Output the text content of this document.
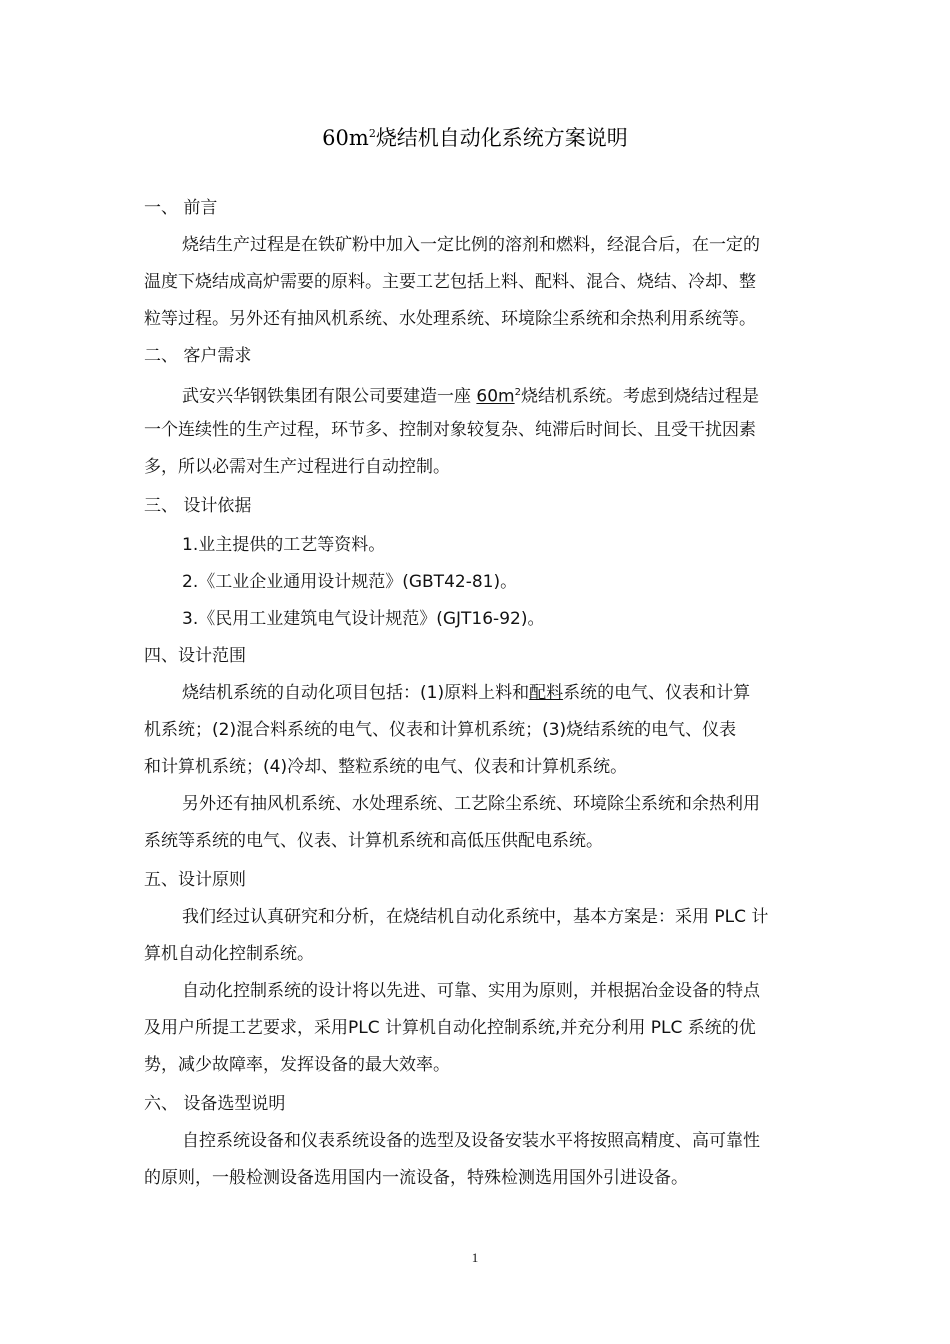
$60m^2$烧结机自动化系统方案说明
一、 前言
烧结生产过程是在铁矿粉中加入一定比例的溶剂和燃料，经混合后，在一定的
温度下烧结成高炉需要的原料。主要工艺包括上料、配料、混合、烧结、冷却、整
粒等过程。另外还有抽风机系统、水处理系统、环境除尘系统和余热利用系统等。
二、 客户需求
武安兴华钢铁集团有限公司要建造一座 $60m^2$烧结机系统。考虑到烧结过程是
一个连续性的生产过程，环节多、控制对象较复杂、纯滞后时间长、且受干扰因素
多，所以必需对生产过程进行自动控制。
三、 设计依据
1.业主提供的工艺等资料。
2.《工业企业通用设计规范》(GBT42-81)。
3.《民用工业建筑电气设计规范》(GJT16-92)。
四、设计范围
烧结机系统的自动化项目包括：(1)原料上料和配料系统的电气、仪表和计算
机系统；(2)混合料系统的电气、仪表和计算机系统；(3)烧结系统的电气、仪表
和计算机系统；(4)冷却、整粒系统的电气、仪表和计算机系统。
另外还有抽风机系统、水处理系统、工艺除尘系统、环境除尘系统和余热利用
系统等系统的电气、仪表、计算机系统和高低压供配电系统。
五、设计原则
我们经过认真研究和分析，在烧结机自动化系统中，基本方案是：采用 PLC 计
算机自动化控制系统。
自动化控制系统的设计将以先进、可靠、实用为原则，并根据冶金设备的特点
及用户所提工艺要求，采用PLC 计算机自动化控制系统,并充分利用 PLC 系统的优
势，减少故障率，发挥设备的最大效率。
六、 设备选型说明
自控系统设备和仪表系统设备的选型及设备安装水平将按照高精度、高可靠性
的原则，一般检测设备选用国内一流设备，特殊检测选用国外引进设备。
1
